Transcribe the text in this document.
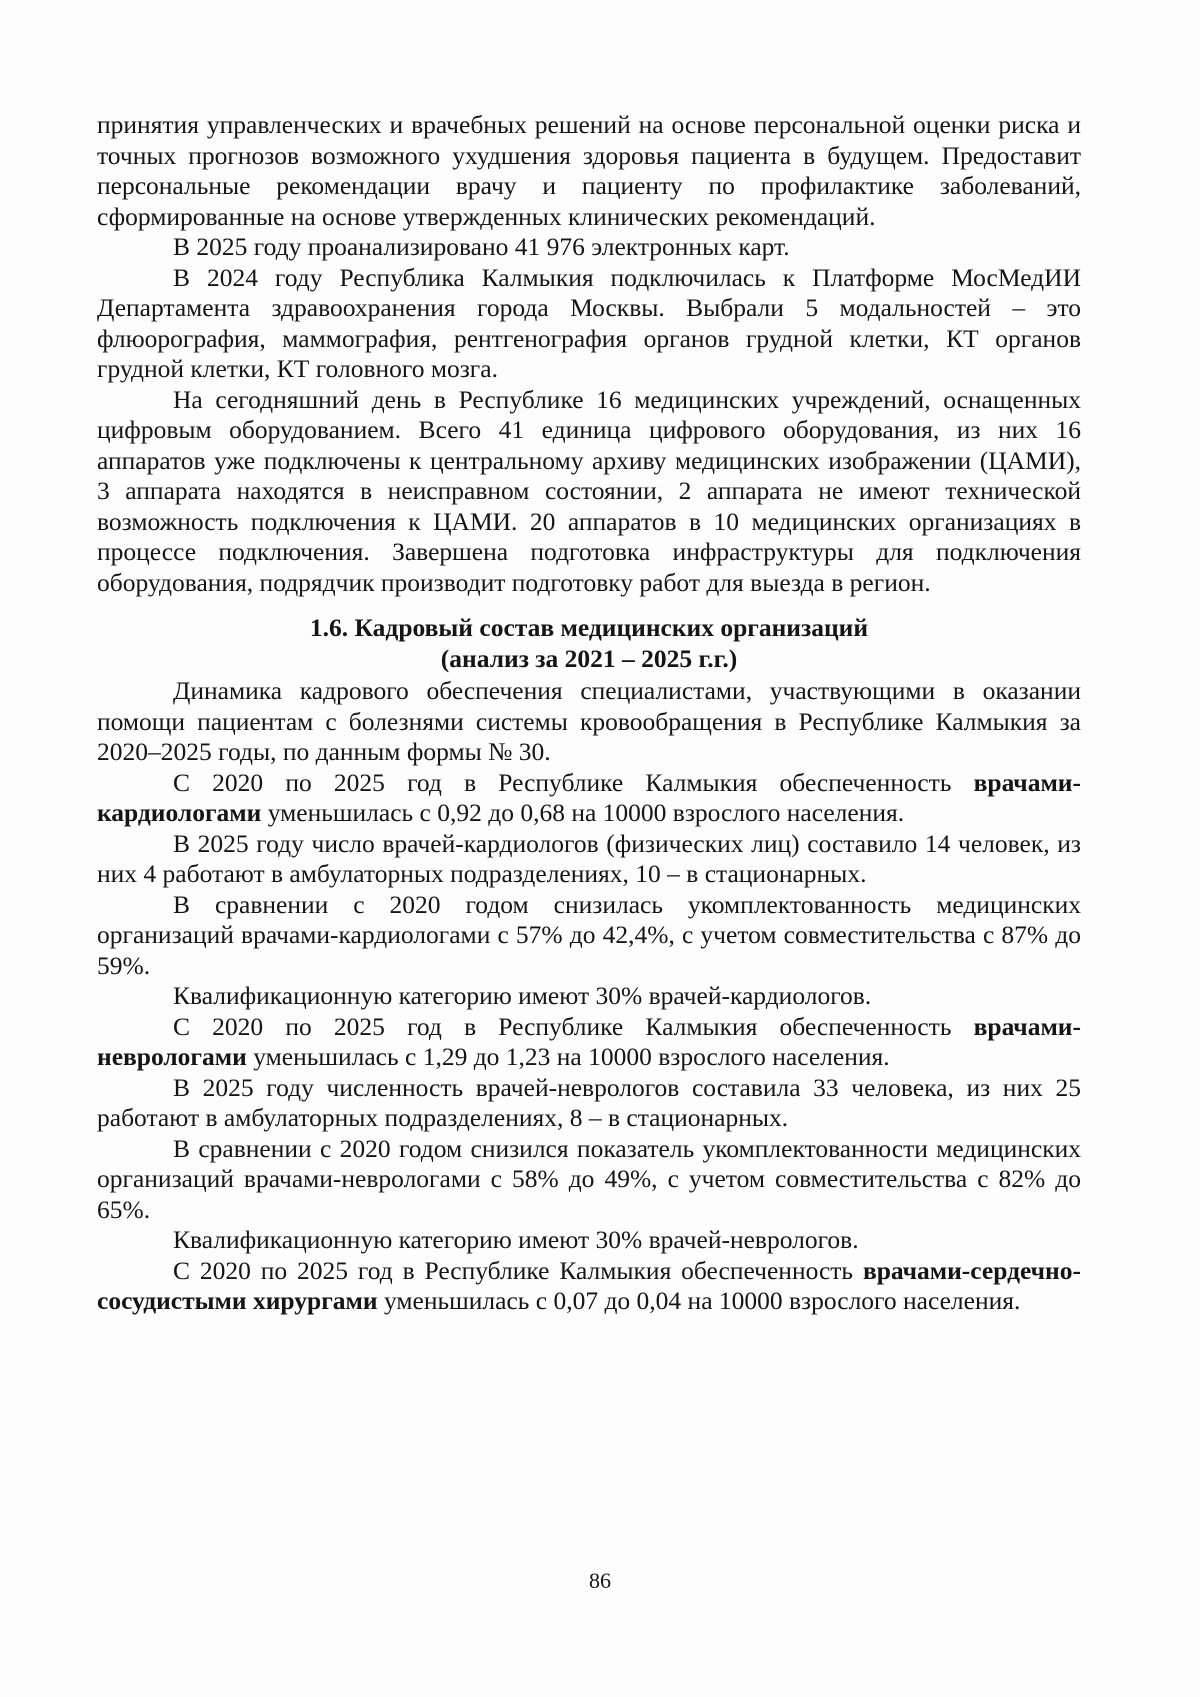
принятия управленческих и врачебных решений на основе персональной оценки риска и точных прогнозов возможного ухудшения здоровья пациента в будущем. Предоставит персональные рекомендации врачу и пациенту по профилактике заболеваний, сформированные на основе утвержденных клинических рекомендаций.

В 2025 году проанализировано 41 976 электронных карт.

В 2024 году Республика Калмыкия подключилась к Платформе МосМедИИ Департамента здравоохранения города Москвы. Выбрали 5 модальностей – это флюорография, маммография, рентгенография органов грудной клетки, КТ органов грудной клетки, КТ головного мозга.

На сегодняшний день в Республике 16 медицинских учреждений, оснащенных цифровым оборудованием. Всего 41 единица цифрового оборудования, из них 16 аппаратов уже подключены к центральному архиву медицинских изображении (ЦАМИ), 3 аппарата находятся в неисправном состоянии, 2 аппарата не имеют технической возможность подключения к ЦАМИ. 20 аппаратов в 10 медицинских организациях в процессе подключения. Завершена подготовка инфраструктуры для подключения оборудования, подрядчик производит подготовку работ для выезда в регион.

1.6. Кадровый состав медицинских организаций
(анализ за 2021 – 2025 г.г.)

Динамика кадрового обеспечения специалистами, участвующими в оказании помощи пациентам с болезнями системы кровообращения в Республике Калмыкия за 2020–2025 годы, по данным формы № 30.

С 2020 по 2025 год в Республике Калмыкия обеспеченность врачами-кардиологами уменьшилась с 0,92 до 0,68 на 10000 взрослого населения.

В 2025 году число врачей-кардиологов (физических лиц) составило 14 человек, из них 4 работают в амбулаторных подразделениях, 10 – в стационарных.

В сравнении с 2020 годом снизилась укомплектованность медицинских организаций врачами-кардиологами с 57% до 42,4%, с учетом совместительства с 87% до 59%.

Квалификационную категорию имеют 30% врачей-кардиологов.

С 2020 по 2025 год в Республике Калмыкия обеспеченность врачами-неврологами уменьшилась с 1,29 до 1,23 на 10000 взрослого населения.

В 2025 году численность врачей-неврологов составила 33 человека, из них 25 работают в амбулаторных подразделениях, 8 – в стационарных.

В сравнении с 2020 годом снизился показатель укомплектованности медицинских организаций врачами-неврологами с 58% до 49%, с учетом совместительства с 82% до 65%.

Квалификационную категорию имеют 30% врачей-неврологов.

С 2020 по 2025 год в Республике Калмыкия обеспеченность врачами-сердечно-сосудистыми хирургами уменьшилась с 0,07 до 0,04 на 10000 взрослого населения.

86
